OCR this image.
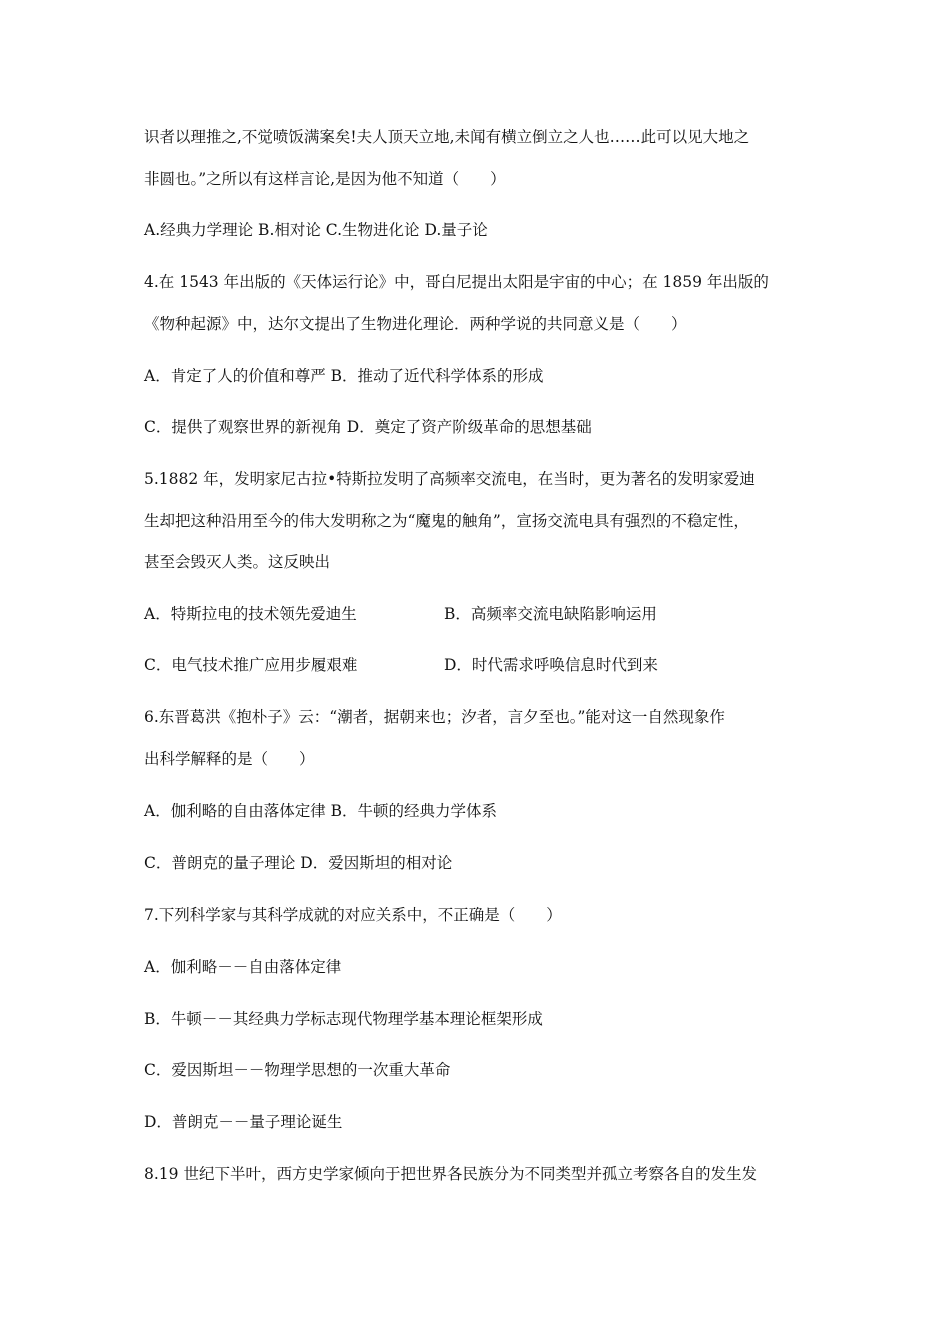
识者以理推之,不觉喷饭满案矣!夫人顶天立地,未闻有横立倒立之人也……此可以见大地之

非圆也。”之所以有这样言论,是因为他不知道（　　）

A.经典力学理论 B.相对论 C.生物进化论 D.量子论

4.在 1543 年出版的《天体运行论》中，哥白尼提出太阳是宇宙的中心；在 1859 年出版的

《物种起源》中，达尔文提出了生物进化理论．两种学说的共同意义是（　　）

A．肯定了人的价值和尊严 B．推动了近代科学体系的形成

C．提供了观察世界的新视角 D．奠定了资产阶级革命的思想基础

5.1882 年，发明家尼古拉•特斯拉发明了高频率交流电，在当时，更为著名的发明家爱迪

生却把这种沿用至今的伟大发明称之为“魔鬼的触角”，宣扬交流电具有强烈的不稳定性，

甚至会毁灭人类。这反映出

A．特斯拉电的技术领先爱迪生	B．高频率交流电缺陷影响运用
C．电气技术推广应用步履艰难	D．时代需求呼唤信息时代到来

6.东晋葛洪《抱朴子》云：“潮者，据朝来也；汐者，言夕至也。”能对这一自然现象作

出科学解释的是（　　）

A．伽利略的自由落体定律 B．牛顿的经典力学体系

C．普朗克的量子理论 D．爱因斯坦的相对论

7.下列科学家与其科学成就的对应关系中，不正确是（　　）

A．伽利略－－自由落体定律

B．牛顿－－其经典力学标志现代物理学基本理论框架形成

C．爱因斯坦－－物理学思想的一次重大革命

D．普朗克－－量子理论诞生

8.19 世纪下半叶，西方史学家倾向于把世界各民族分为不同类型并孤立考察各自的发生发
